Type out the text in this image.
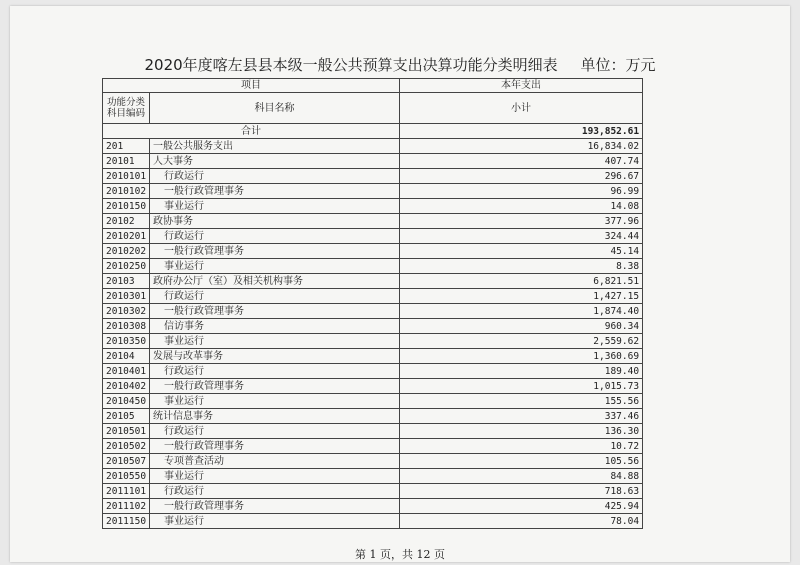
2020年度喀左县县本级一般公共预算支出决算功能分类明细表 单位：万元
项目		本年支出
功能分类科目编码	科目名称	小计
合计		193,852.61
201	一般公共服务支出	16,834.02
20101	人大事务	407.74
2010101	行政运行	296.67
2010102	一般行政管理事务	96.99
2010150	事业运行	14.08
20102	政协事务	377.96
2010201	行政运行	324.44
2010202	一般行政管理事务	45.14
2010250	事业运行	8.38
20103	政府办公厅（室）及相关机构事务	6,821.51
2010301	行政运行	1,427.15
2010302	一般行政管理事务	1,874.40
2010308	信访事务	960.34
2010350	事业运行	2,559.62
20104	发展与改革事务	1,360.69
2010401	行政运行	189.40
2010402	一般行政管理事务	1,015.73
2010450	事业运行	155.56
20105	统计信息事务	337.46
2010501	行政运行	136.30
2010502	一般行政管理事务	10.72
2010507	专项普查活动	105.56
2010550	事业运行	84.88
2011101	行政运行	718.63
2011102	一般行政管理事务	425.94
2011150	事业运行	78.04
第 1 页，共 12 页
